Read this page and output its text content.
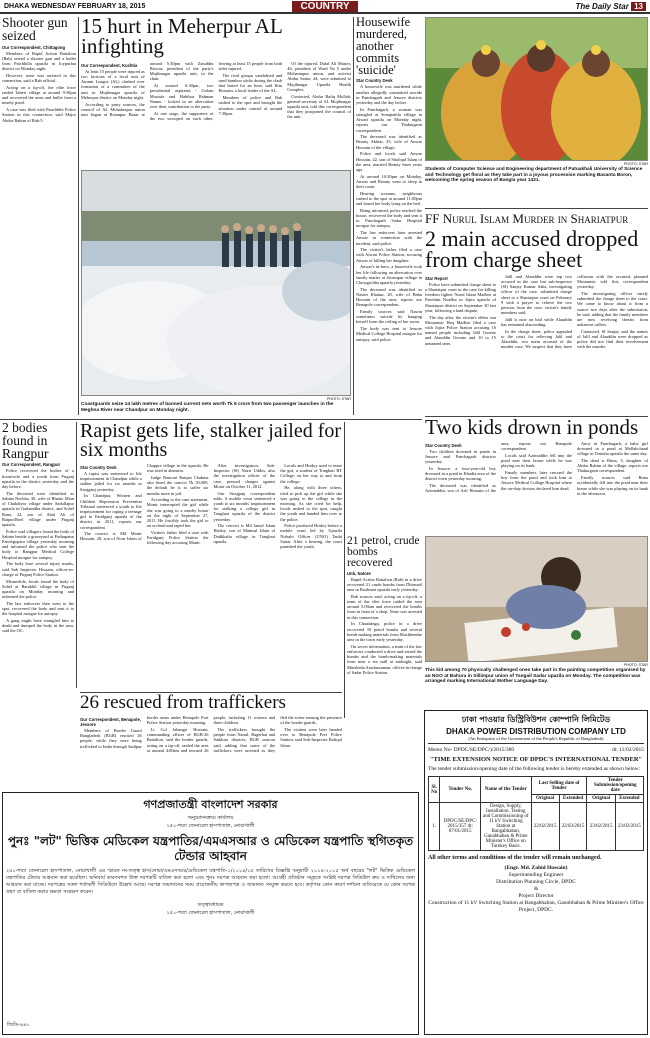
DHAKA WEDNESDAY FEBRUARY 18, 2015	COUNTRY	The Daily Star 13
Shooter gun seized
Our Correspondent, Chittagong

Members of Rapid Action Battalion (Rab) seized a shooter gun and a bullet from Patchhilla upazila in Joypurhat district on Monday night.

However, none was arrested in this connection, said a Rab official.

Acting on a tip-off, the elite force raided Taheri village at around 9:30pm and recovered the arms and bullet from a nearby pond.

A case was filed with Panchbibi Police Station in this connection, said Major Abdur Rahim of Rab-5.

15 hurt in Meherpur AL infighting
Our Correspondent, Kushtia

At least 15 people were injured as two factions of a local unit of Awami League (AL) clashed over formation of a committee of the unit in Mujibnagar upazila of Meherpur district on Monday night.

According to party sources, the council of AL Mohabespur union unit began at Ratanpur Bazar at around 5:30pm with Ziauddin Biswas, president of the party's Mujibnagar upazila unit, in the chair.

At around 6:30pm, two presidential aspirants - Golam Mostafa and Habibur Rahman Nannu - locked in an altercation over their contribution to the party.

At one stage, the supporters of the two swooped on each other, leaving at least 15 people from both sides injured.

The rival groups vandalised and used bamboo sticks during the clash that lasted for an hour, said Ilias Hossain, a local leader of the AL.

Members of police and Rab rushed to the spot and brought the situation under control at around 7:30pm.

Of the injured, Dulal Ali Master, 46, president of Ward No 5 under Mohanmpur union, and activist Abdur Sattar, 44, were admitted to Mujibnagar Upazila Health Complex.

Contacted, Abdur Rafiq Mollah, general secretary of AL Mujibnagar upazila unit, told this correspondent that they postponed the council of the unit.

PHOTO: STAR
Coastguards seize 14 lakh metres of banned current nets worth Tk 5 crore from two passenger launches in the Meghna River near Chandpur on Monday night.
Housewife murdered, another commits 'suicide'
Star Country Desk

A housewife was murdered while another allegedly committed suicide in Panchagarh and Jessore districts yesterday and the day before.

In Panchagarh, a woman was strangled at Sonapattila village in Atwari upazila on Monday night, reports our Thakurgaon correspondent.

The deceased was identified as Beauty Akhtar, 35, wife of Anwar Hossain of the village.

Police and locals said Anwar Hossain, 22, son of Shafiqul Islam of the area, married Beauty three years ago.

At around 10:30pm on Monday, Anwar and Beauty went to sleep in their room.

Hearing screams, neighbours rushed to the spot at around 11:00pm and found her body lying on the bed.

Being informed, police reached the house, recovered the body and sent it to Panchagarh Sadar Hospital morgue for autopsy.

The law enforcers later arrested Anwar in connection with the incident, said police.

The victim's father filed a case with Atwari Police Station, accusing Anwar of killing her daughter.

Anwar's in-laws, a housewife took her life following an altercation over family matter at Swarupur village in Chowgachha upazila yesterday.

The deceased was identified as Nasrin Khatun, 20, wife of Babu Hossain of the area, reports our Benapole correspondent.

Family sources said Nasrin sometimes suicide by hanging herself from the ceiling of her room.

The body was sent to Jessore Medical College Hospital morgue for autopsy, said police.

PHOTO: STAR
Students of Computer Science and Engineering department of Patuakhali University of Science and Technology get floral as they take part in a joyous procession marking Basanta Boron, welcoming the spring season of Bangla year 1421.
FF Nurul Islam Murder in Shariatpur
2 main accused dropped from charge sheet
Star Report

Police have submitted charge sheet to a Shariatpur court in the case for killing freedom fighter Nurul Islam Madbor at Pauchim Noadha in Jajira upazila of Shariatpur district on September 30 last year, following a land dispute.

The day after, the victim's eldest son Mostamsir Haq Madbor filed a case with Jajira Police Station accusing 16 named people including Jalil Goonto and Alauddin Goonto and 10 to 15 unnamed ones.

Jalil and Alauddin were top two accused in the case but sub-inspector (SI) Sanjay Kumar Saha, investigating officer of the case, submitted charge sheet to a Shariatpur court on February 9 with a prayer to relieve the two persons from the case, victim's family members said.

Jalil is now on bail while Alauddin has remained absconding.

In the charge sheet, police appealed to the court for relieving Jalil and Alauddin, two main accused of the murder case. We suspect that they have collusion with the accused, planned Mostamsir told this correspondent yesterday.

The investigating officer surely submitted the charge sheet to the court. We came to know about it from a source two days after the submission, he said, adding that the family members are now receiving threats from unknown callers.

Contacted, SI Sanjay said the names of Jalil and Alauddin were dropped as police did not find their involvement with the murder.

Two kids drown in ponds
Star Country Desk

Two children drowned in ponds in Jessore and Panchagarh districts yesterday.

In Jessore, a four-year-old boy drowned in a pond in Khadia area of the district town yesterday morning.

The deceased was identified as Azimuddin, son of Arif Hossain of the area, reports our Benapole correspondent.

Locals said Azimuddin fell into the pond near their house while he was playing on its bank.

Family members later rescued the boy from the pond and took him to Jessore Medical College Hospital where the on-duty doctors declared him dead.

Anoy in Panchagarh, a baby girl drowned in a pond at Mollahchand village in Tentulia upazila the same day.

The dead is Ritna, 3, daughter of Abdur Rahim of the village, reports our Thakurgaon correspondent.

Family sources said Rima accidentally fell into the pond near their house while she was playing on its bank in the afternoon.

PHOTO: STAR
This kid among 70 physically challenged ones take part in the painting competition organised by an NGO at Bahura in Sillimpur union of Tangail Sadar upazila on Monday. The competition was arranged marking International Mother Language Day.
2 bodies found in Rangpur
Our Correspondent, Rangpur

Police recovered the bodies of a housewife and a youth from Pirganj upazila in the district yesterday and the day before.

The deceased were identified as Sabina Nechha, 30, wife of Bhutto Mian of Chakdiyra village under Sadullapur upazila in Gaibandha district, and Sohel Rana, 22, son of Abul Ali of Raipur/Boel village under Pirganj upazila.

Police said villagers found the body of Sabina beside a graveyard at Pashupatur Panchgopara village yesterday morning and informed the police who sent the body to Rangpur Medical College Hospital morgue for autopsy.

The body bore several injury marks, said Sub Inspector Hossain, officer-in-charge of Pirganj Police Station.

Meanwhile, locals found the body of Sohel at Barakhil village in Pirganj upazila on Monday morning and informed the police.

The law enforcers then went to the spot, recovered the body and sent it to the hospital morgue for autopsy.

A gang might have strangled him to death and dumped the body in the area, said the OC.

Rapist gets life, stalker jailed for six months
Star Country Desk

A rapist was sentenced to life imprisonment in Chandpur while a stalker jailed for six months in Sirajganj yesterday.

In Chandpur, Women and Children Repression Prevention Tribunal sentenced a youth to life imprisonment for raping a teenage girl in Faridganj upazila of the district in 2011, reports our correspondent.

The convict is Md Monir Hossain, 28, son of Nour Islam of Chappra village in the upazila. He was tried in absentia.

Judge Ramoni Ranjan Chakma also fined the convict Tk 50,000, the default he is to suffer six months more in jail.

According to the case statement, Monir intercepted the girl while she was going to a nearby house on the night of September 27, 2011. He forcibly took the girl to an orchard and raped her.

Victim's father filed a case with Faridganj Police Station the following day accusing Monir.

After investigation, Sub-Inspector (SI) Nazir Uddin, also the investigation officer of the case, pressed charges against Monir on October 11, 2012.

Our Sirajganj correspondent adds: A mobile court sentenced a youth to six months' imprisonment for stalking a college girl in Tonghari upazila of the district yesterday.

The convict is Md Jamal Islam Hridoy, son of Mamsul Islam of Dudkhalia village in Tonghari upazila.

Locals and Hridoy used to tease the girl, a student of Tonghari BT College, on her way to and from the college.

He, along with three others, tried to pick up the girl while she was going to the college in the morning. As she cried for help, locals rushed to the spot, caught the youth and handed him over to the police.

Police produced Hridoy before a mobile court led by Upazila Nirbahi Officer (UNO) Tauhi Sattar. After a hearing, the court punished the youth.	21 petrol, crude bombs recovered
Unb, Natore

Rapid Action Battalion (Rab) in a drive recovered 21 crude bombs from Dhirmail area in Boalmari upazila early yesterday.

Rab sources said, acting on a tip-off, a team of the elite force raided the area around 5:00am and recovered the bombs from in front of a shop. None was arrested in this connection.

In Chuadanga, police in a drive recovered 10 petrol bombs and several bomb-making materials from Muchhendar area in the town early yesterday.

On secret information, a team of the law enforcers conducted a drive and seized the bombs and the bomb-making materials from near a tea stall at midnight, said Mursheda Azaduzzaman, officer-in-charge of Sadar Police Station.

26 rescued from traffickers
Our Correspondent, Benapole, Jessore

Members of Border Guard Bangladesh (BGB) rescued 26 people, while they were being trafficked to India through Sadipur border areas under Benapole Port Police Station yesterday morning.

Lt Col Jahangir Hossain, commanding officer of BGB-26 Battalion, said the border guards, acting on a tip-off, raided the area at around 4:00am and rescued 26 people, including 11 women and three children.

The traffickers brought the people from Narail, Bagerhat and Satkhira districts, BGB sources said, adding that some of the traffickers were arrested as they fled the scene sensing the presence of the border guards.

The victims were later handed over to Benapole Port Police Station, said Sub-Inspector Rafiqul Islam.

গণপ্রজাতন্ত্রী বাংলাদেশ সরকার
অনুমোদনক্রমে কার্যালয়
২৫০-শয্যা জেনারেল হাসপাতাল, নোয়াখালী
পুনঃ "লট" ভিত্তিক মেডিকেল যন্ত্রপাতির/এমএসআর ও মেডিকেল যন্ত্রপাতি স্থগিতকৃত টেন্ডার আহবান
২৫০-শয্যা জেনারেল হাসপাতাল, নোয়াখালী এর স্মারক নং-তত্ত্ব হাস/নোয়া/এমএসআর/মেডিকেল যন্ত্রপাতি-১/২০১৪/১৫ তারিখের বিজ্ঞপ্তি অনুযায়ী ২০১৪-২০১৫ অর্থ বছরের "লট" ভিত্তিক মেডিকেল যন্ত্রপাতির টেন্ডার আহবান করা হয়েছিল। অনিবার্য কারণবশত উক্ত দরপত্রটি বাতিল করা হলো এবং পুনঃ দরপত্র আহবান করা হলো। আগ্রহী প্রতিষ্ঠান সমূহকে সংশ্লিষ্ট দরপত্র সিডিউল ক্রয় ও দাখিলের জন্য আহবান করা যাচ্ছে। দরপত্রের সকল শর্তাবলী সিডিউলে উল্লেখ আছে। দরপত্র জমাদানের সময় প্রয়োজনীয় কাগজপত্র ও জামানত সংযুক্ত করতে হবে। কর্তৃপক্ষ কোন কারণ দর্শানো ব্যতিরেকে যে কোন দরপত্র গ্রহণ বা বাতিল করার ক্ষমতা সংরক্ষণ করেন।
তত্ত্বাবধায়ক
২৫০-শয্যা জেনারেল হাসপাতাল, নোয়াখালী
জিডি-৯৪০
ঢাকা পাওয়ার ডিস্ট্রিবিউশন কোম্পানি লিমিটেড
DHAKA POWER DISTRIBUTION COMPANY LTD
(An Enterprise of the Government of the People's Republic of Bangladesh)
Memo No- DPDC/SE/DPC/)/2015/380	dt: 11/02/2015
"TIME EXTENSION NOTICE OF DPDC'S INTERNATIONAL TENDER"
The tender submission/opening date of the following tender is hereby extended as shown below:
Sl. No	Tender No.	Name of the Tender	Last Selling date of Tender		Tender Submission/opening date	
			Original	Extended	Original	Extended
1.	DPDC/SE/DPC/ 2015/357 dt: 07/01/2015	Design, Supply, Installation, Testing and Commissioning of 11 kV Switching Station at Bangabhaban, Ganabhaban & Prime Minister's Office on Turnkey Basis.	22/02/2015	22/03/2015	23/02/2015	23/03/2015
All other terms and conditions of the tender will remain unchanged.
(Engr. Md. Zahid Hossain)
Superintending Engineer
Distribution Planning Circle, DPDC
&
Project Director
Construction of 11 kV Switching Station at Bangabhaban, Ganobhaban & Prime Minister's Office Project, DPDC.
